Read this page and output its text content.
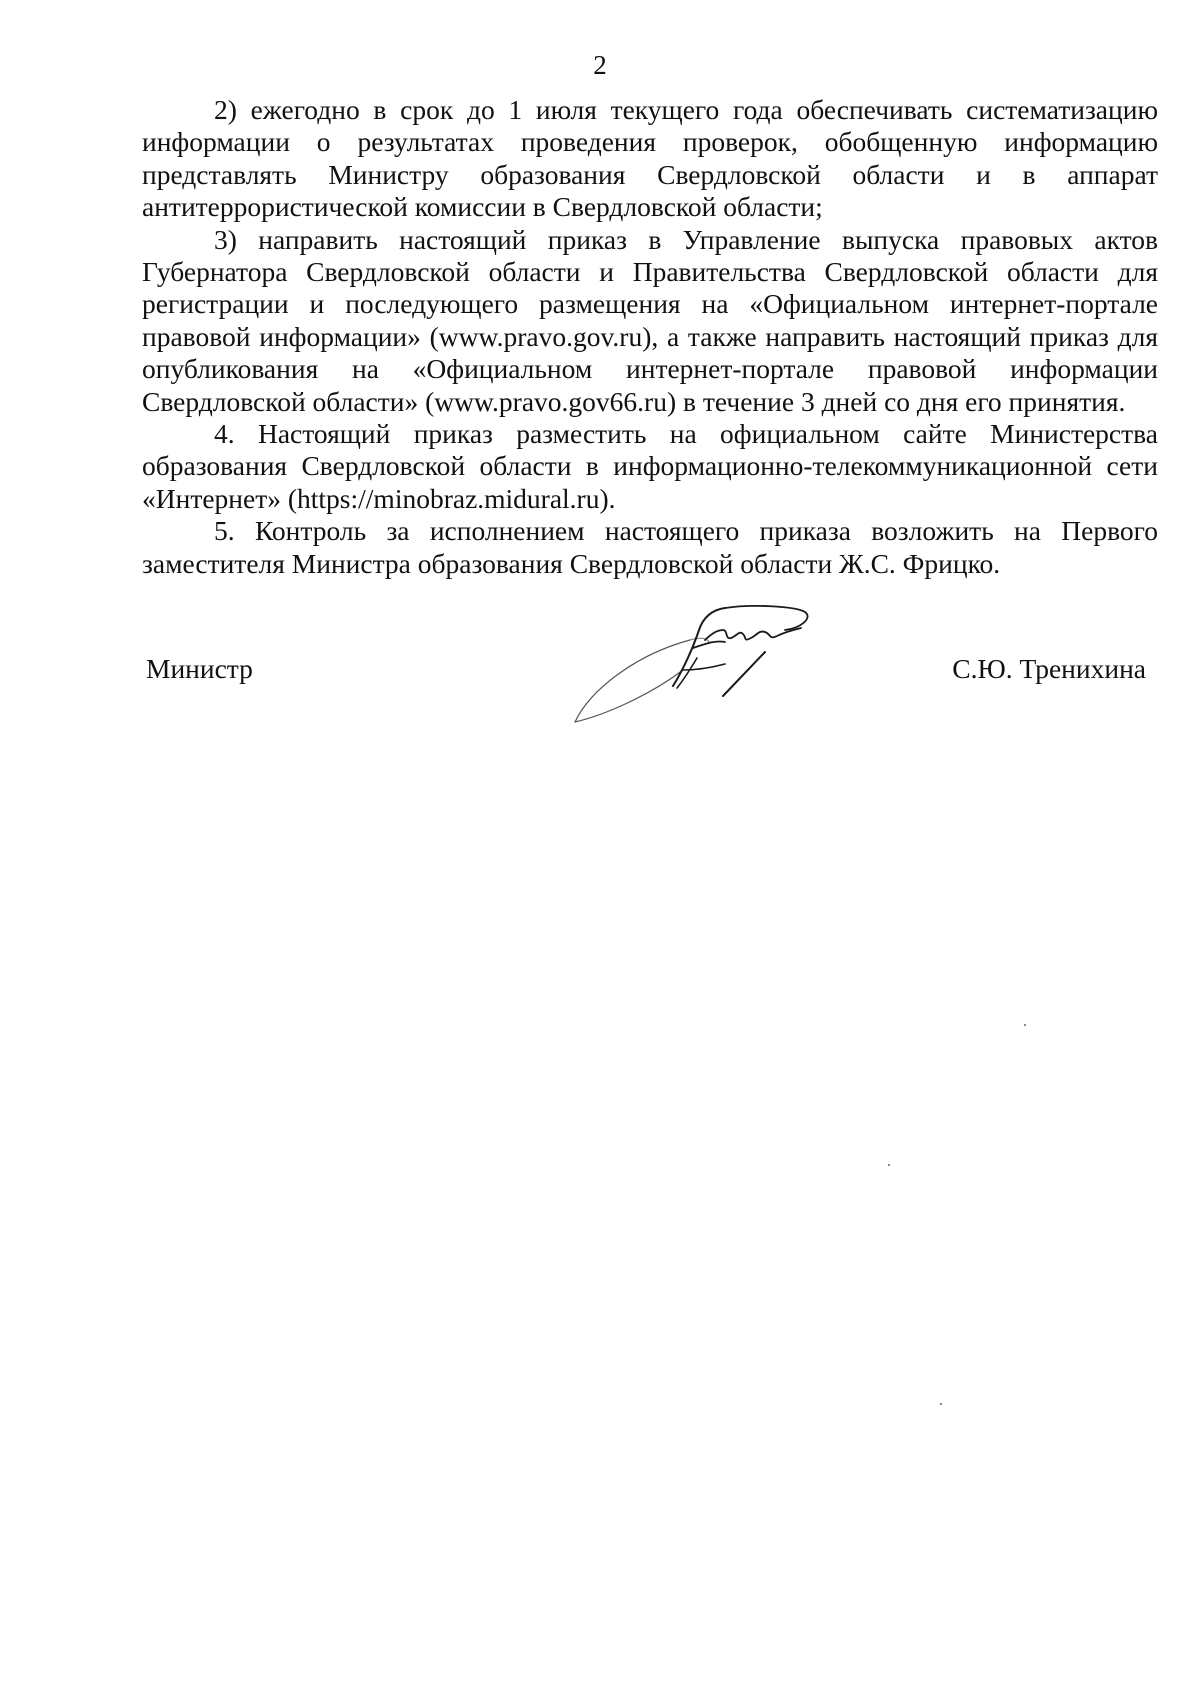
2

2) ежегодно в срок до 1 июля текущего года обеспечивать систематизацию информации о результатах проведения проверок, обобщенную информацию представлять Министру образования Свердловской области и в аппарат антитеррористической комиссии в Свердловской области;

3) направить настоящий приказ в Управление выпуска правовых актов Губернатора Свердловской области и Правительства Свердловской области для регистрации и последующего размещения на «Официальном интернет-портале правовой информации» (www.pravo.gov.ru), а также направить настоящий приказ для опубликования на «Официальном интернет-портале правовой информации Свердловской области» (www.pravo.gov66.ru) в течение 3 дней со дня его принятия.

4. Настоящий приказ разместить на официальном сайте Министерства образования Свердловской области в информационно-телекоммуникационной сети «Интернет» (https://minobraz.midural.ru).

5. Контроль за исполнением настоящего приказа возложить на Первого заместителя Министра образования Свердловской области Ж.С. Фрицко.

Министр	С.Ю. Тренихина
